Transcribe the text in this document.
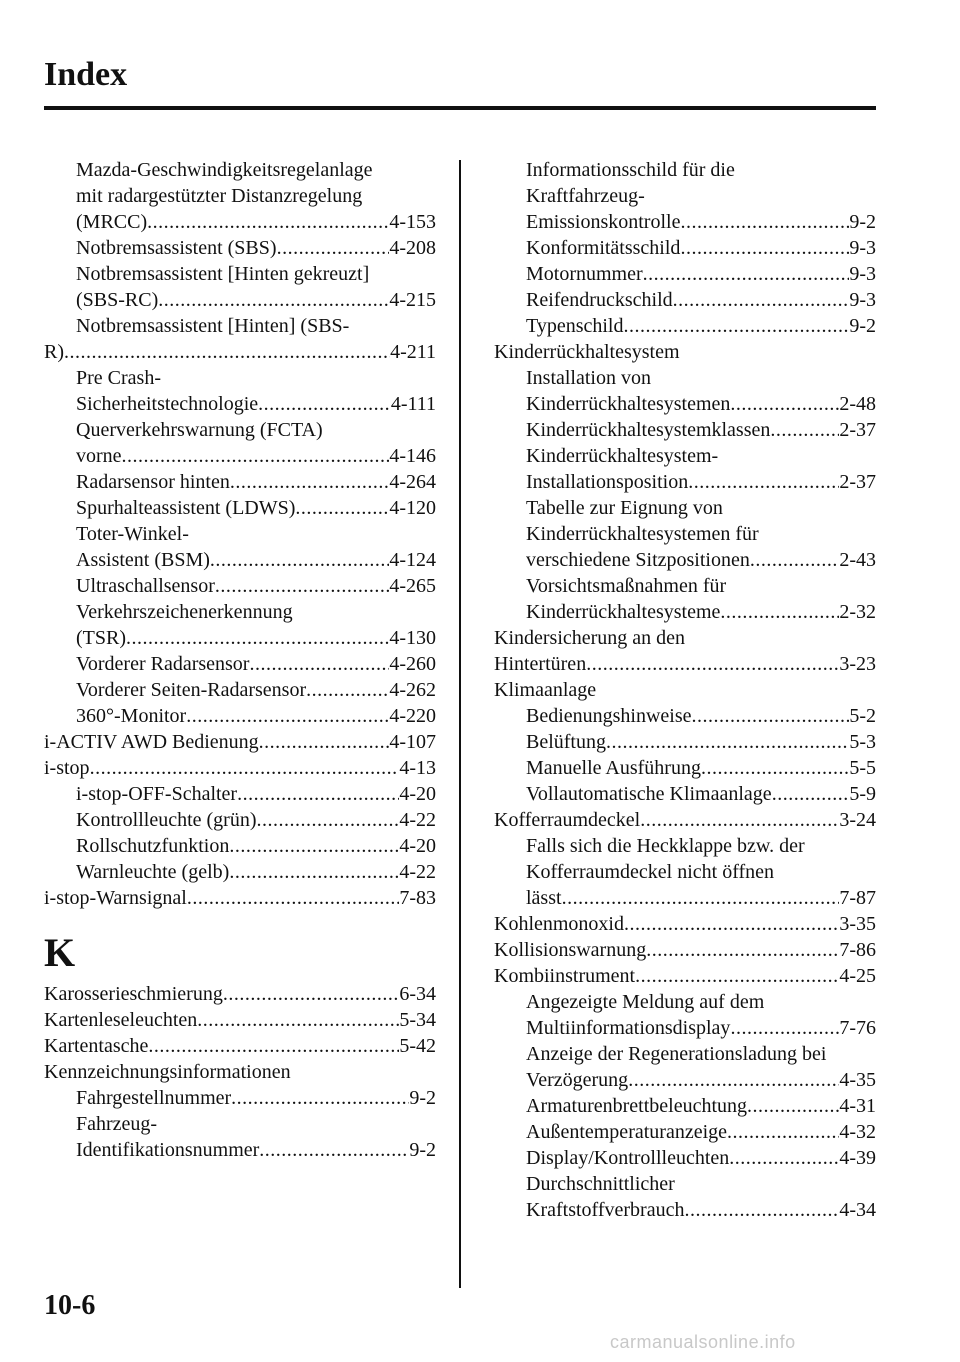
Index
Mazda-Geschwindigkeitsregelanlage
mit radargestützter Distanzregelung
(MRCC) .....	4-153
Notbremsassistent (SBS) .....	4-208
Notbremsassistent [Hinten gekreuzt]
(SBS-RC) .....	4-215
Notbremsassistent [Hinten] (SBS-
R) .....	4-211
Pre Crash-
Sicherheitstechnologie .....	4-111
Querverkehrswarnung (FCTA)
vorne .....	4-146
Radarsensor hinten .....	4-264
Spurhalteassistent (LDWS) .....	4-120
Toter-Winkel-
Assistent (BSM) .....	4-124
Ultraschallsensor .....	4-265
Verkehrszeichenerkennung
(TSR) .....	4-130
Vorderer Radarsensor .....	4-260
Vorderer Seiten-Radarsensor .....	4-262
360°-Monitor .....	4-220
i-ACTIV AWD Bedienung .....	4-107
i-stop .....	4-13
i-stop-OFF-Schalter .....	4-20
Kontrollleuchte (grün) .....	4-22
Rollschutzfunktion .....	4-20
Warnleuchte (gelb) .....	4-22
i-stop-Warnsignal .....	7-83
K
Karosserieschmierung .....	6-34
Kartenleseleuchten .....	5-34
Kartentasche .....	5-42
Kennzeichnungsinformationen
Fahrgestellnummer .....	9-2
Fahrzeug-
Identifikationsnummer .....	9-2
Informationsschild für die
Kraftfahrzeug-
Emissionskontrolle .....	9-2
Konformitätsschild .....	9-3
Motornummer .....	9-3
Reifendruckschild .....	9-3
Typenschild .....	9-2
Kinderrückhaltesystem
Installation von
Kinderrückhaltesystemen .....	2-48
Kinderrückhaltesystemklassen .....	2-37
Kinderrückhaltesystem-
Installationsposition .....	2-37
Tabelle zur Eignung von
Kinderrückhaltesystemen für
verschiedene Sitzpositionen .....	2-43
Vorsichtsmaßnahmen für
Kinderrückhaltesysteme .....	2-32
Kindersicherung an den
Hintertüren .....	3-23
Klimaanlage
Bedienungshinweise .....	5-2
Belüftung .....	5-3
Manuelle Ausführung .....	5-5
Vollautomatische Klimaanlage .....	5-9
Kofferraumdeckel .....	3-24
Falls sich die Heckklappe bzw. der
Kofferraumdeckel nicht öffnen
lässt .....	7-87
Kohlenmonoxid .....	3-35
Kollisionswarnung .....	7-86
Kombiinstrument .....	4-25
Angezeigte Meldung auf dem
Multiinformationsdisplay .....	7-76
Anzeige der Regenerationsladung bei
Verzögerung .....	4-35
Armaturenbrettbeleuchtung .....	4-31
Außentemperaturanzeige .....	4-32
Display/Kontrollleuchten .....	4-39
Durchschnittlicher
Kraftstoffverbrauch .....	4-34
10-6
carmanualsonline.info
